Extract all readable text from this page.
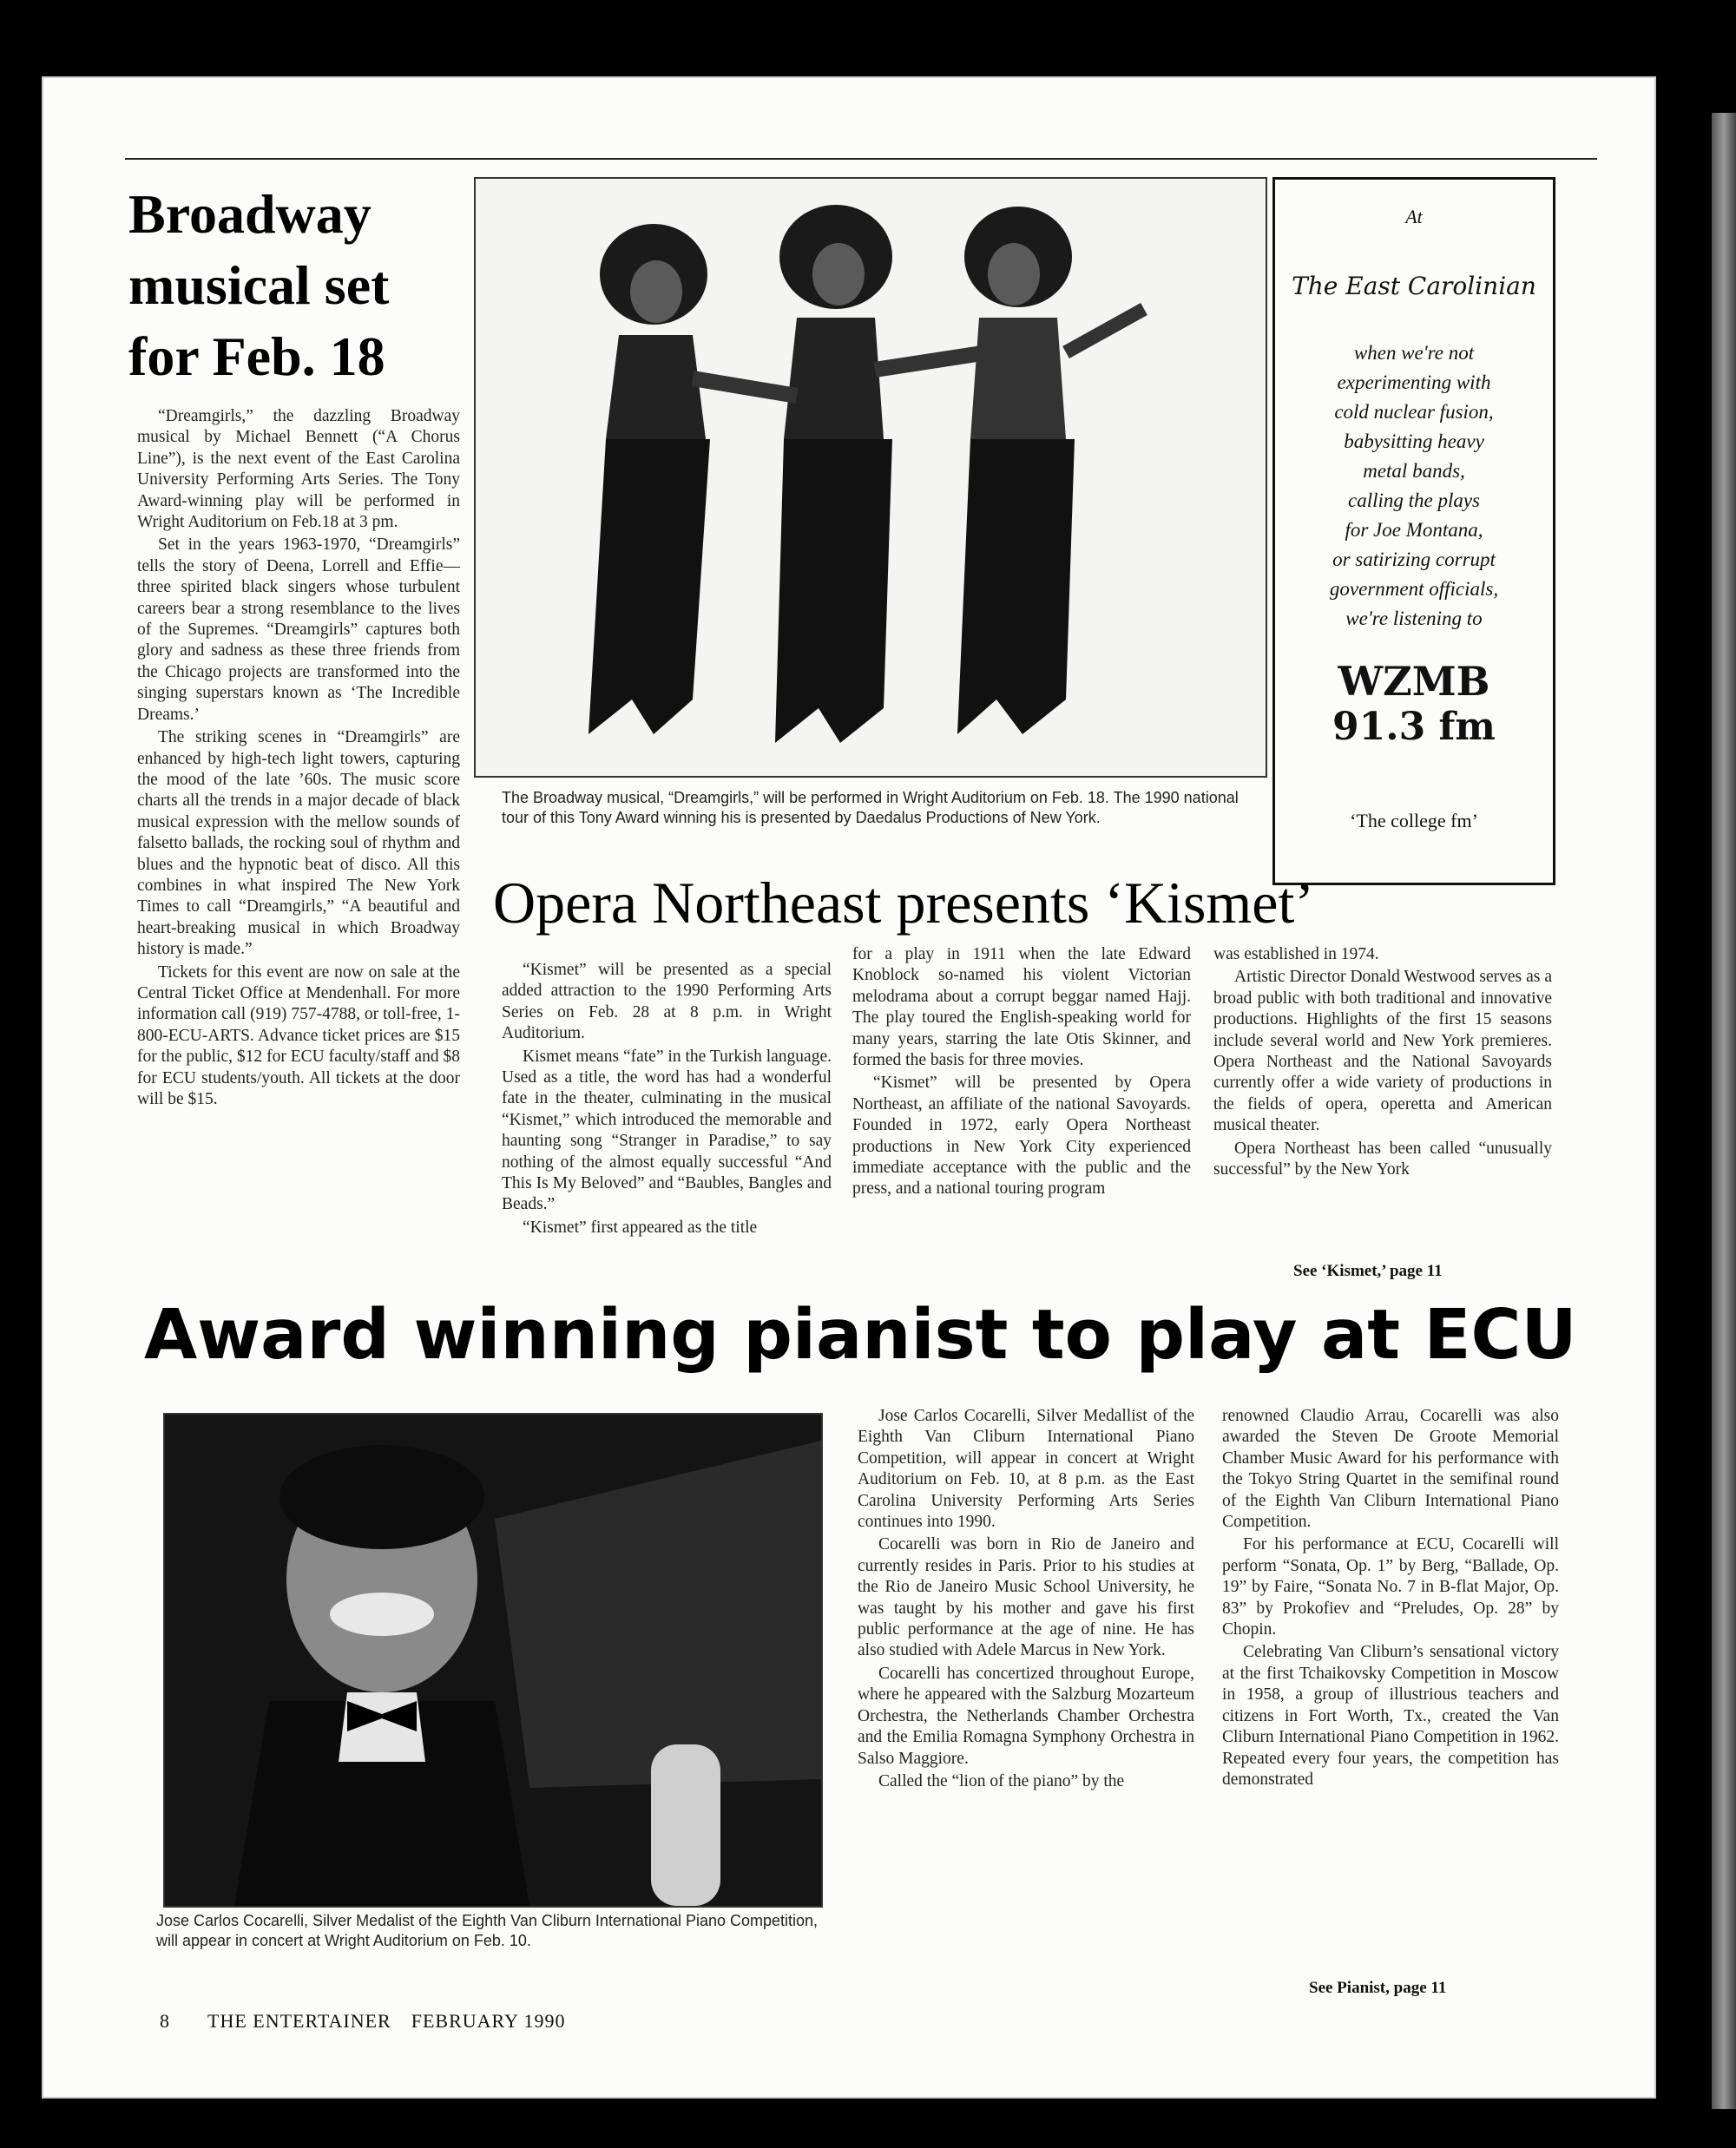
Broadway
musical set
for Feb. 18

“Dreamgirls,” the dazzling Broadway musical by Michael Bennett (“A Chorus Line”), is the next event of the East Carolina University Performing Arts Series. The Tony Award-winning play will be performed in Wright Auditorium on Feb.18 at 3 pm.

Set in the years 1963-1970, “Dreamgirls” tells the story of Deena, Lorrell and Effie—three spirited black singers whose turbulent careers bear a strong resemblance to the lives of the Supremes. “Dreamgirls” captures both glory and sadness as these three friends from the Chicago projects are transformed into the singing superstars known as ‘The Incredible Dreams.’

The striking scenes in “Dreamgirls” are enhanced by high-tech light towers, capturing the mood of the late ’60s. The music score charts all the trends in a major decade of black musical expression with the mellow sounds of falsetto ballads, the rocking soul of rhythm and blues and the hypnotic beat of disco. All this combines in what inspired The New York Times to call “Dreamgirls,” “A beautiful and heart-breaking musical in which Broadway history is made.”

Tickets for this event are now on sale at the Central Ticket Office at Mendenhall. For more information call (919) 757-4788, or toll-free, 1-800-ECU-ARTS. Advance ticket prices are $15 for the public, $12 for ECU faculty/staff and $8 for ECU students/youth. All tickets at the door will be $15.

The Broadway musical, “Dreamgirls,” will be performed in Wright Auditorium on Feb. 18. The 1990 national tour of this Tony Award winning his is presented by Daedalus Productions of New York.
At
The East Carolinian
when we're not
experimenting with
cold nuclear fusion,
babysitting heavy
metal bands,
calling the plays
for Joe Montana,
or satirizing corrupt
government officials,
we're listening to
WZMB
91.3 fm
‘The college fm’
Opera Northeast presents ‘Kismet’

“Kismet” will be presented as a special added attraction to the 1990 Performing Arts Series on Feb. 28 at 8 p.m. in Wright Auditorium.

Kismet means “fate” in the Turkish language. Used as a title, the word has had a wonderful fate in the theater, culminating in the musical “Kismet,” which introduced the memorable and haunting song “Stranger in Paradise,” to say nothing of the almost equally successful “And This Is My Beloved” and “Baubles, Bangles and Beads.”

“Kismet” first appeared as the title

for a play in 1911 when the late Edward Knoblock so-named his violent Victorian melodrama about a corrupt beggar named Hajj. The play toured the English-speaking world for many years, starring the late Otis Skinner, and formed the basis for three movies.

“Kismet” will be presented by Opera Northeast, an affiliate of the national Savoyards. Founded in 1972, early Opera Northeast productions in New York City experienced immediate acceptance with the public and the press, and a national touring program

was established in 1974.

Artistic Director Donald Westwood serves as a broad public with both traditional and innovative productions. Highlights of the first 15 seasons include several world and New York premieres. Opera Northeast and the National Savoyards currently offer a wide variety of productions in the fields of opera, operetta and American musical theater.

Opera Northeast has been called “unusually successful” by the New York

See ‘Kismet,’ page 11
Award winning pianist to play at ECU
Jose Carlos Cocarelli, Silver Medalist of the Eighth Van Cliburn International Piano Competition, will appear in concert at Wright Auditorium on Feb. 10.

Jose Carlos Cocarelli, Silver Medallist of the Eighth Van Cliburn International Piano Competition, will appear in concert at Wright Auditorium on Feb. 10, at 8 p.m. as the East Carolina University Performing Arts Series continues into 1990.

Cocarelli was born in Rio de Janeiro and currently resides in Paris. Prior to his studies at the Rio de Janeiro Music School University, he was taught by his mother and gave his first public performance at the age of nine. He has also studied with Adele Marcus in New York.

Cocarelli has concertized throughout Europe, where he appeared with the Salzburg Mozarteum Orchestra, the Netherlands Chamber Orchestra and the Emilia Romagna Symphony Orchestra in Salso Maggiore.

Called the “lion of the piano” by the

renowned Claudio Arrau, Cocarelli was also awarded the Steven De Groote Memorial Chamber Music Award for his performance with the Tokyo String Quartet in the semifinal round of the Eighth Van Cliburn International Piano Competition.

For his performance at ECU, Cocarelli will perform “Sonata, Op. 1” by Berg, “Ballade, Op. 19” by Faire, “Sonata No. 7 in B-flat Major, Op. 83” by Prokofiev and “Preludes, Op. 28” by Chopin.

Celebrating Van Cliburn’s sensational victory at the first Tchaikovsky Competition in Moscow in 1958, a group of illustrious teachers and citizens in Fort Worth, Tx., created the Van Cliburn International Piano Competition in 1962. Repeated every four years, the competition has demonstrated

See Pianist, page 11
8 THE ENTERTAINER FEBRUARY 1990
